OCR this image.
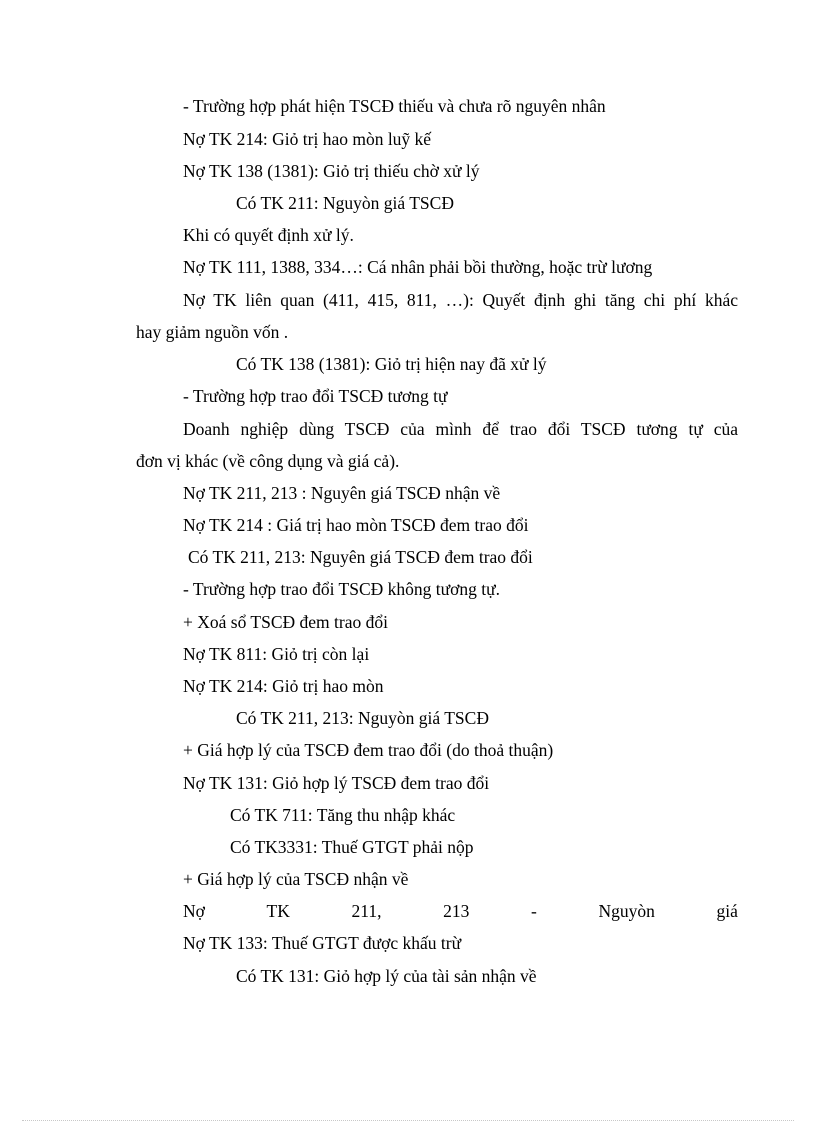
- Trường hợp phát hiện TSCĐ thiếu và chưa rõ nguyên nhân
Nợ TK 214: Giỏ trị hao mòn luỹ kế
Nợ TK 138 (1381): Giỏ trị thiếu chờ xử lý
Có TK 211: Nguyòn giá TSCĐ
Khi có quyết định xử lý.
Nợ TK 111, 1388, 334…: Cá nhân phải bồi thường, hoặc trừ lương
Nợ TK liên quan (411, 415, 811, …): Quyết định ghi tăng chi phí khác
hay giảm nguồn vốn .
Có TK 138 (1381): Giỏ trị hiện nay đã xử lý
- Trường hợp trao đổi TSCĐ tương tự
Doanh nghiệp dùng TSCĐ của mình để trao đổi TSCĐ tương tự của
đơn vị khác (về công dụng và giá cả).
Nợ TK 211, 213 : Nguyên giá TSCĐ nhận về
Nợ TK 214 : Giá trị hao mòn TSCĐ đem trao đổi
Có TK 211, 213: Nguyên giá TSCĐ đem trao đổi
- Trường hợp trao đổi TSCĐ không tương tự.
+ Xoá sổ TSCĐ đem trao đổi
Nợ TK 811: Giỏ trị còn lại
Nợ TK 214: Giỏ trị hao mòn
Có TK 211, 213: Nguyòn giá TSCĐ
+ Giá hợp lý của TSCĐ đem trao đổi (do thoả thuận)
Nợ TK 131: Giỏ hợp lý TSCĐ đem trao đổi
Có TK 711: Tăng thu nhập khác
Có TK3331: Thuế GTGT phải nộp
+ Giá hợp lý của TSCĐ nhận về
Nợ	TK	211,	213	-	Nguyòn	giá
Nợ TK 133: Thuế GTGT được khấu trừ
Có TK 131: Giỏ hợp lý của tài sản nhận về
